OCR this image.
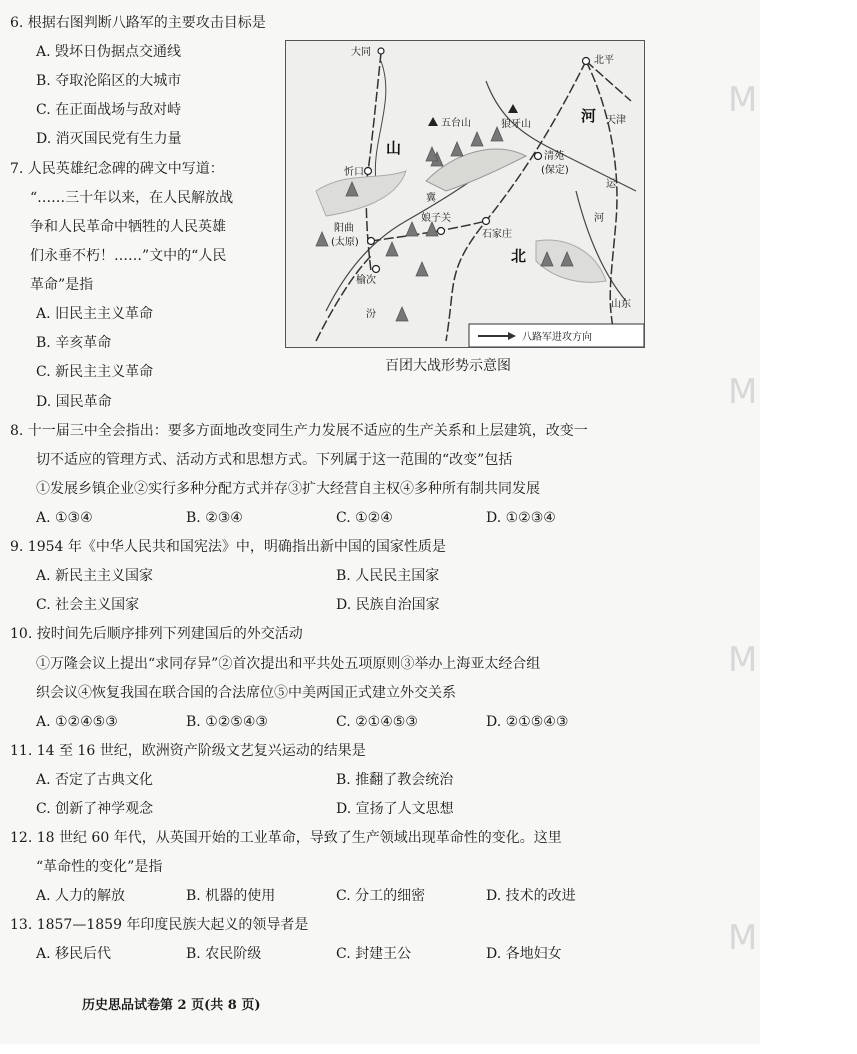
M
M
M
M
6. 根据右图判断八路军的主要攻击目标是
A. 毁坏日伪据点交通线
B. 夺取沦陷区的大城市
C. 在正面战场与敌对峙
D. 消灭国民党有生力量
7. 人民英雄纪念碑的碑文中写道：
“……三十年以来，在人民解放战
争和人民革命中牺牲的人民英雄
们永垂不朽！……”文中的“人民
革命”是指
A. 旧民主主义革命
B. 辛亥革命
C. 新民主主义革命
D. 国民革命
大同
北平
天津
五台山	狼牙山
清苑
(保定)
忻口
阳曲
(太原)
娘子关
石家庄
榆次
山东
运
河
汾
冀
河
山
北
八路军进攻方向
百团大战形势示意图
8. 十一届三中全会指出：要多方面地改变同生产力发展不适应的生产关系和上层建筑，改变一
切不适应的管理方式、活动方式和思想方式。下列属于这一范围的“改变”包括
①发展乡镇企业②实行多种分配方式并存③扩大经营自主权④多种所有制共同发展
A. ①③④	B. ②③④	C. ①②④	D. ①②③④
9. 1954 年《中华人民共和国宪法》中，明确指出新中国的国家性质是
A. 新民主主义国家	B. 人民民主国家
C. 社会主义国家	D. 民族自治国家
10. 按时间先后顺序排列下列建国后的外交活动
①万隆会议上提出“求同存异”②首次提出和平共处五项原则③举办上海亚太经合组
织会议④恢复我国在联合国的合法席位⑤中美两国正式建立外交关系
A. ①②④⑤③	B. ①②⑤④③	C. ②①④⑤③	D. ②①⑤④③
11. 14 至 16 世纪，欧洲资产阶级文艺复兴运动的结果是
A. 否定了古典文化	B. 推翻了教会统治
C. 创新了神学观念	D. 宣扬了人文思想
12. 18 世纪 60 年代，从英国开始的工业革命，导致了生产领域出现革命性的变化。这里
“革命性的变化”是指
A. 人力的解放	B. 机器的使用	C. 分工的细密	D. 技术的改进
13. 1857—1859 年印度民族大起义的领导者是
A. 移民后代	B. 农民阶级	C. 封建王公	D. 各地妇女
历史思品试卷第 2 页(共 8 页)
